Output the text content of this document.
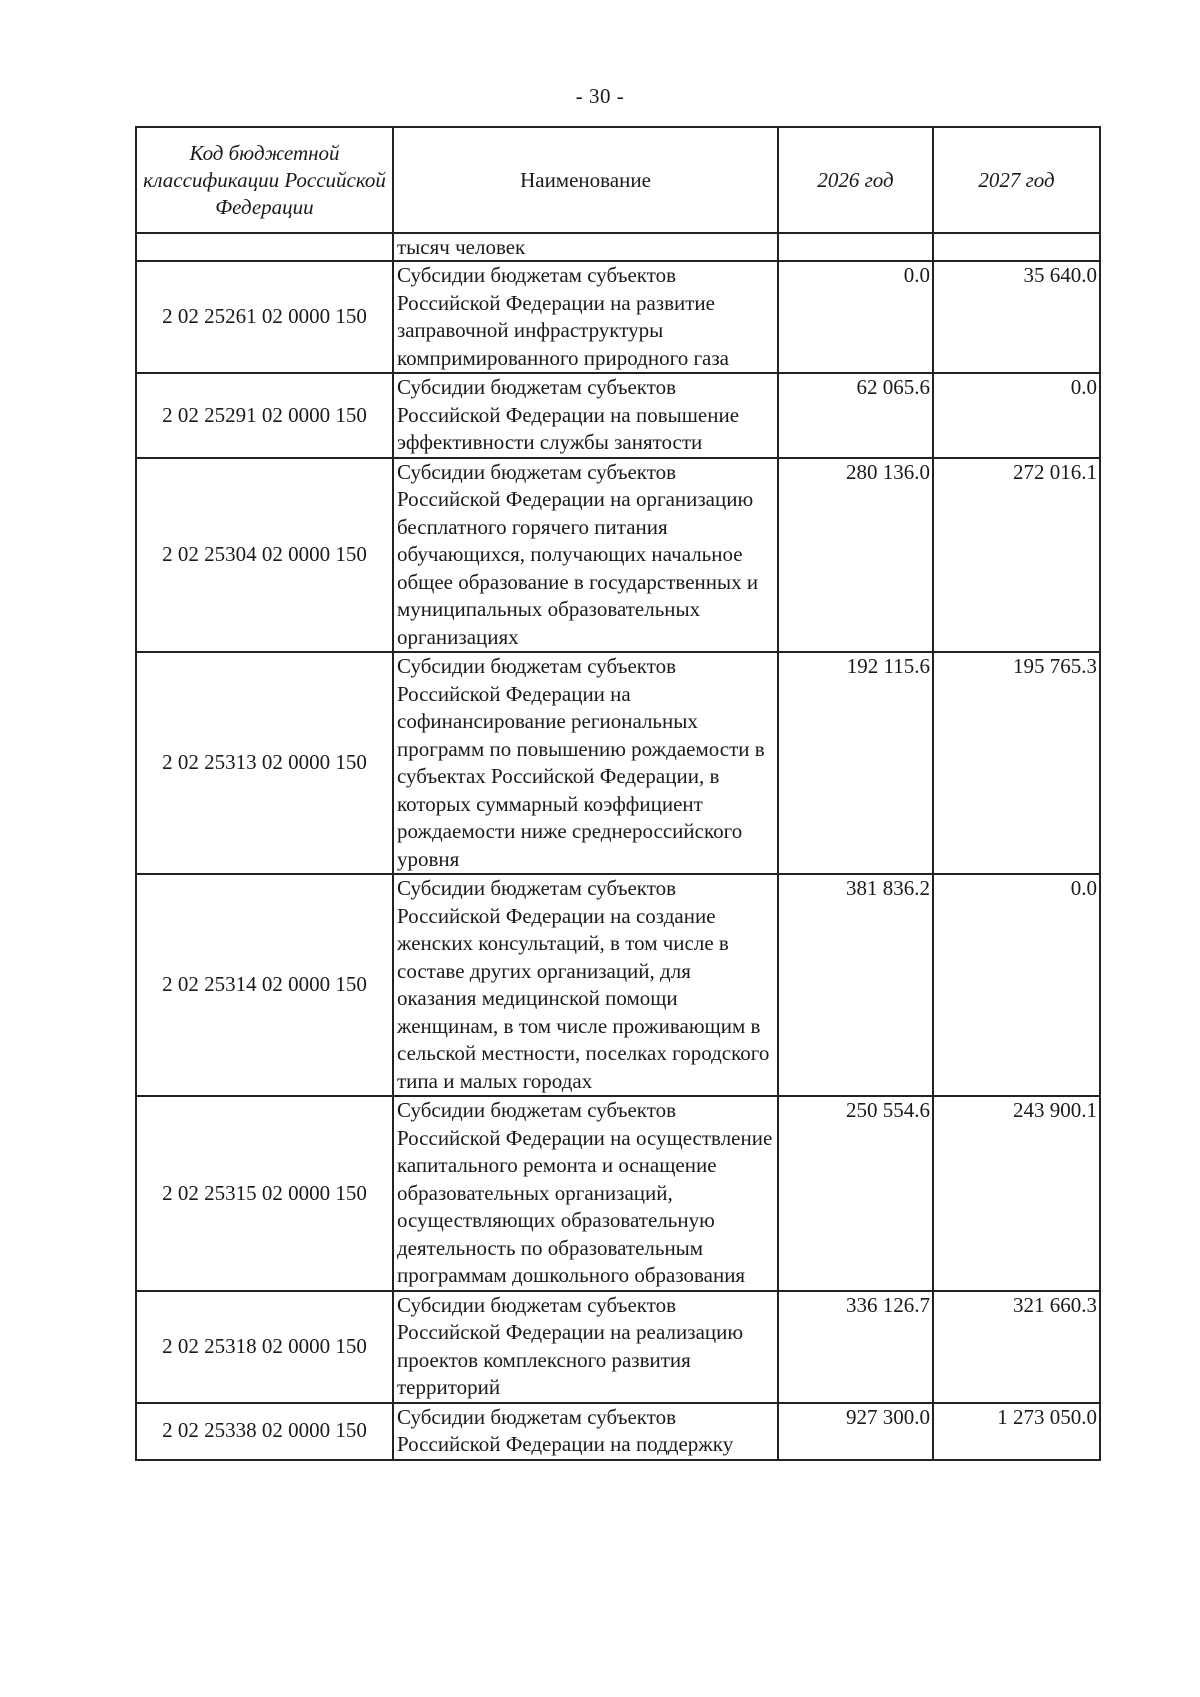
- 30 -
Код бюджетной классификации Российской Федерации	Наименование	2026 год	2027 год
	тысяч человек		
2 02 25261 02 0000 150	Субсидии бюджетам субъектов Российской Федерации на развитие заправочной инфраструктуры компримированного природного газа	0.0	35 640.0
2 02 25291 02 0000 150	Субсидии бюджетам субъектов Российской Федерации на повышение эффективности службы занятости	62 065.6	0.0
2 02 25304 02 0000 150	Субсидии бюджетам субъектов Российской Федерации на организацию бесплатного горячего питания обучающихся, получающих начальное общее образование в государственных и муниципальных образовательных организациях	280 136.0	272 016.1
2 02 25313 02 0000 150	Субсидии бюджетам субъектов Российской Федерации на софинансирование региональных программ по повышению рождаемости в субъектах Российской Федерации, в которых суммарный коэффициент рождаемости ниже среднероссийского уровня	192 115.6	195 765.3
2 02 25314 02 0000 150	Субсидии бюджетам субъектов Российской Федерации на создание женских консультаций, в том числе в составе других организаций, для оказания медицинской помощи женщинам, в том числе проживающим в сельской местности, поселках городского типа и малых городах	381 836.2	0.0
2 02 25315 02 0000 150	Субсидии бюджетам субъектов Российской Федерации на осуществление капитального ремонта и оснащение образовательных организаций, осуществляющих образовательную деятельность по образовательным программам дошкольного образования	250 554.6	243 900.1
2 02 25318 02 0000 150	Субсидии бюджетам субъектов Российской Федерации на реализацию проектов комплексного развития территорий	336 126.7	321 660.3
2 02 25338 02 0000 150	Субсидии бюджетам субъектов Российской Федерации на поддержку	927 300.0	1 273 050.0
